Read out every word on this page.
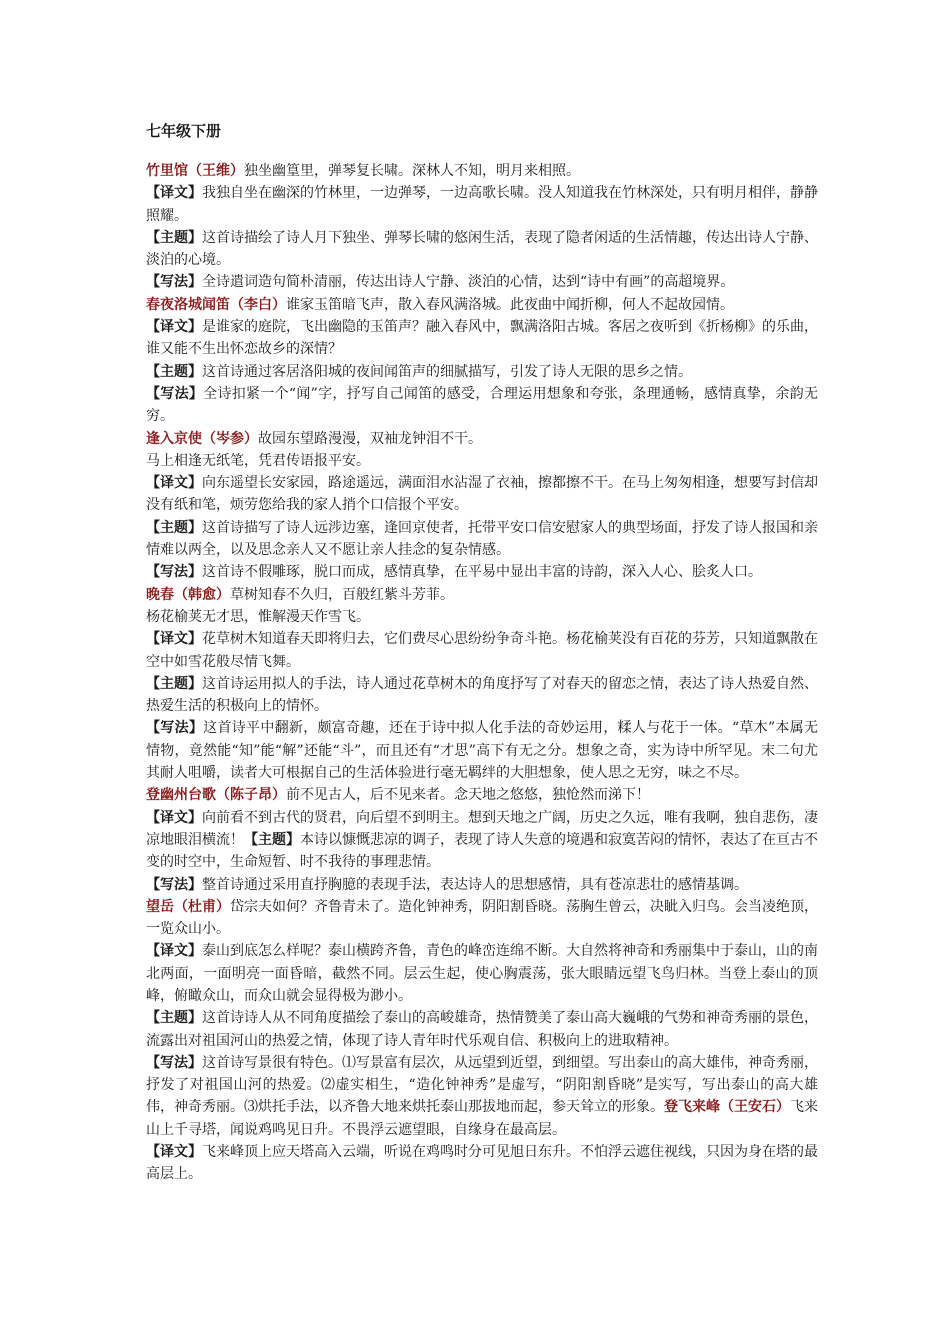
七年级下册

竹里馆（王维）独坐幽篁里，弹琴复长啸。深林人不知，明月来相照。

【译文】我独自坐在幽深的竹林里，一边弹琴，一边高歌长啸。没人知道我在竹林深处，只有明月相伴，静静照耀。

【主题】这首诗描绘了诗人月下独坐、弹琴长啸的悠闲生活，表现了隐者闲适的生活情趣，传达出诗人宁静、淡泊的心境。

【写法】全诗遣词造句简朴清丽，传达出诗人宁静、淡泊的心情，达到“诗中有画”的高超境界。

春夜洛城闻笛（李白）谁家玉笛暗飞声，散入春风满洛城。此夜曲中闻折柳，何人不起故园情。

【译文】是谁家的庭院，飞出幽隐的玉笛声？融入春风中，飘满洛阳古城。客居之夜听到《折杨柳》的乐曲，谁又能不生出怀恋故乡的深情？

【主题】这首诗通过客居洛阳城的夜间闻笛声的细腻描写，引发了诗人无限的思乡之情。

【写法】全诗扣紧一个“闻”字，抒写自己闻笛的感受，合理运用想象和夸张，条理通畅，感情真挚，余韵无穷。

逢入京使（岑参）故园东望路漫漫，双袖龙钟泪不干。

马上相逢无纸笔，凭君传语报平安。

【译文】向东遥望长安家园，路途遥远，满面泪水沾湿了衣袖，擦都擦不干。在马上匆匆相逢，想要写封信却没有纸和笔，烦劳您给我的家人捎个口信报个平安。

【主题】这首诗描写了诗人远涉边塞，逢回京使者，托带平安口信安慰家人的典型场面，抒发了诗人报国和亲情难以两全，以及思念亲人又不愿让亲人挂念的复杂情感。

【写法】这首诗不假雕琢，脱口而成，感情真挚，在平易中显出丰富的诗韵，深入人心、脍炙人口。

晚春（韩愈）草树知春不久归，百般红紫斗芳菲。

杨花榆荚无才思，惟解漫天作雪飞。

【译文】花草树木知道春天即将归去，它们费尽心思纷纷争奇斗艳。杨花榆荚没有百花的芬芳，只知道飘散在空中如雪花般尽情飞舞。

【主题】这首诗运用拟人的手法，诗人通过花草树木的角度抒写了对春天的留恋之情，表达了诗人热爱自然、热爱生活的积极向上的情怀。

【写法】这首诗平中翻新，颇富奇趣，还在于诗中拟人化手法的奇妙运用，糅人与花于一体。“草木”本属无情物，竟然能“知”能“解”还能“斗”，而且还有“才思”高下有无之分。想象之奇，实为诗中所罕见。末二句尤其耐人咀嚼，读者大可根据自己的生活体验进行毫无羁绊的大胆想象，使人思之无穷，味之不尽。

登幽州台歌（陈子昂）前不见古人，后不见来者。念天地之悠悠，独怆然而涕下！

【译文】向前看不到古代的贤君，向后望不到明主。想到天地之广阔，历史之久远，唯有我啊，独自悲伤，凄凉地眼泪横流！【主题】本诗以慷慨悲凉的调子，表现了诗人失意的境遇和寂寞苦闷的情怀，表达了在亘古不变的时空中，生命短暂、时不我待的事理悲情。

【写法】整首诗通过采用直抒胸臆的表现手法，表达诗人的思想感情，具有苍凉悲壮的感情基调。

望岳（杜甫）岱宗夫如何？齐鲁青未了。造化钟神秀，阴阳割昏晓。荡胸生曾云，决眦入归鸟。会当凌绝顶，一览众山小。

【译文】泰山到底怎么样呢？泰山横跨齐鲁，青色的峰峦连绵不断。大自然将神奇和秀丽集中于泰山，山的南北两面，一面明亮一面昏暗，截然不同。层云生起，使心胸震荡，张大眼睛远望飞鸟归林。当登上泰山的顶峰，俯瞰众山，而众山就会显得极为渺小。

【主题】这首诗诗人从不同角度描绘了泰山的高峻雄奇，热情赞美了泰山高大巍峨的气势和神奇秀丽的景色，流露出对祖国河山的热爱之情，体现了诗人青年时代乐观自信、积极向上的进取精神。

【写法】这首诗写景很有特色。⑴写景富有层次，从远望到近望，到细望。写出泰山的高大雄伟，神奇秀丽，抒发了对祖国山河的热爱。⑵虚实相生，“造化钟神秀”是虚写，“阴阳割昏晓”是实写，写出泰山的高大雄伟，神奇秀丽。⑶烘托手法，以齐鲁大地来烘托泰山那拔地而起，参天耸立的形象。登飞来峰（王安石）飞来山上千寻塔，闻说鸡鸣见日升。不畏浮云遮望眼，自缘身在最高层。

【译文】飞来峰顶上应天塔高入云端，听说在鸡鸣时分可见旭日东升。不怕浮云遮住视线，只因为身在塔的最高层上。
